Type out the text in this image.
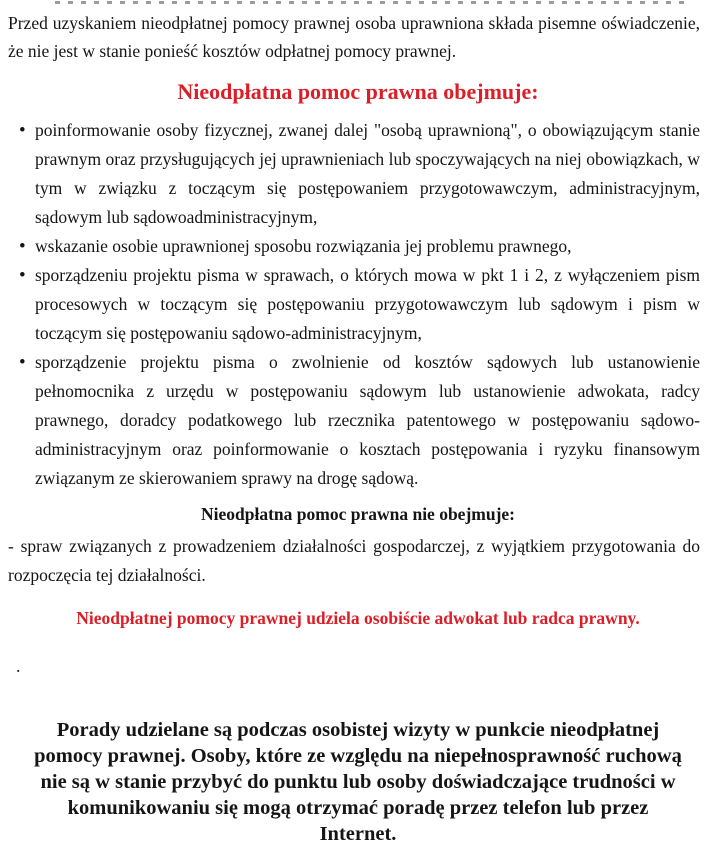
Przed uzyskaniem nieodpłatnej pomocy prawnej osoba uprawniona składa pisemne oświadczenie, że nie jest w stanie ponieść kosztów odpłatnej pomocy prawnej.

Nieodpłatna pomoc prawna obejmuje:
• poinformowanie osoby fizycznej, zwanej dalej "osobą uprawnioną", o obowiązującym stanie prawnym oraz przysługujących jej uprawnieniach lub spoczywających na niej obowiązkach, w tym w związku z toczącym się postępowaniem przygotowawczym, administracyjnym, sądowym lub sądowoadministracyjnym,
• wskazanie osobie uprawnionej sposobu rozwiązania jej problemu prawnego,
• sporządzeniu projektu pisma w sprawach, o których mowa w pkt 1 i 2, z wyłączeniem pism procesowych w toczącym się postępowaniu przygotowawczym lub sądowym i pism w toczącym się postępowaniu sądowo-administracyjnym,
• sporządzenie projektu pisma o zwolnienie od kosztów sądowych lub ustanowienie pełnomocnika z urzędu w postępowaniu sądowym lub ustanowienie adwokata, radcy prawnego, doradcy podatkowego lub rzecznika patentowego w postępowaniu sądowo-administracyjnym oraz poinformowanie o kosztach postępowania i ryzyku finansowym związanym ze skierowaniem sprawy na drogę sądową.
Nieodpłatna pomoc prawna nie obejmuje:

- spraw związanych z prowadzeniem działalności gospodarczej, z wyjątkiem przygotowania do rozpoczęcia tej działalności.

Nieodpłatnej pomocy prawnej udziela osobiście adwokat lub radca prawny.

.

Porady udzielane są podczas osobistej wizyty w punkcie nieodpłatnej pomocy prawnej. Osoby, które ze względu na niepełnosprawność ruchową nie są w stanie przybyć do punktu lub osoby doświadczające trudności w komunikowaniu się mogą otrzymać poradę przez telefon lub przez Internet.
